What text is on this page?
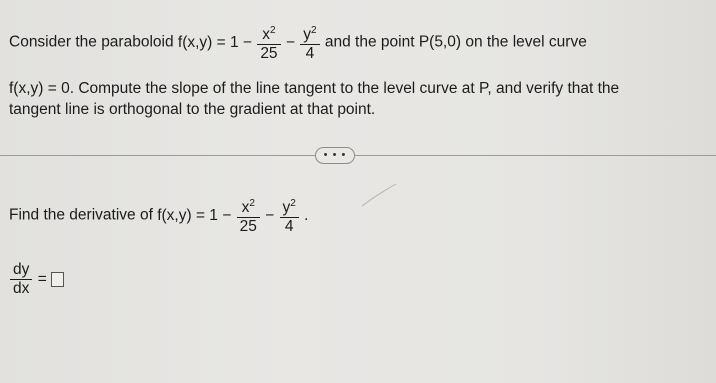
Consider the paraboloid $f(x,y) = 1 - \frac{x^2}{25} - \frac{y^2}{4}$ and the point P(5,0) on the level curve
f(x,y) = 0. Compute the slope of the line tangent to the level curve at P, and verify that the
tangent line is orthogonal to the gradient at that point.
• • •
Find the derivative of $f(x,y) = 1 - \frac{x^2}{25} - \frac{y^2}{4}$ .
$\frac{dy}{dx}$ =
